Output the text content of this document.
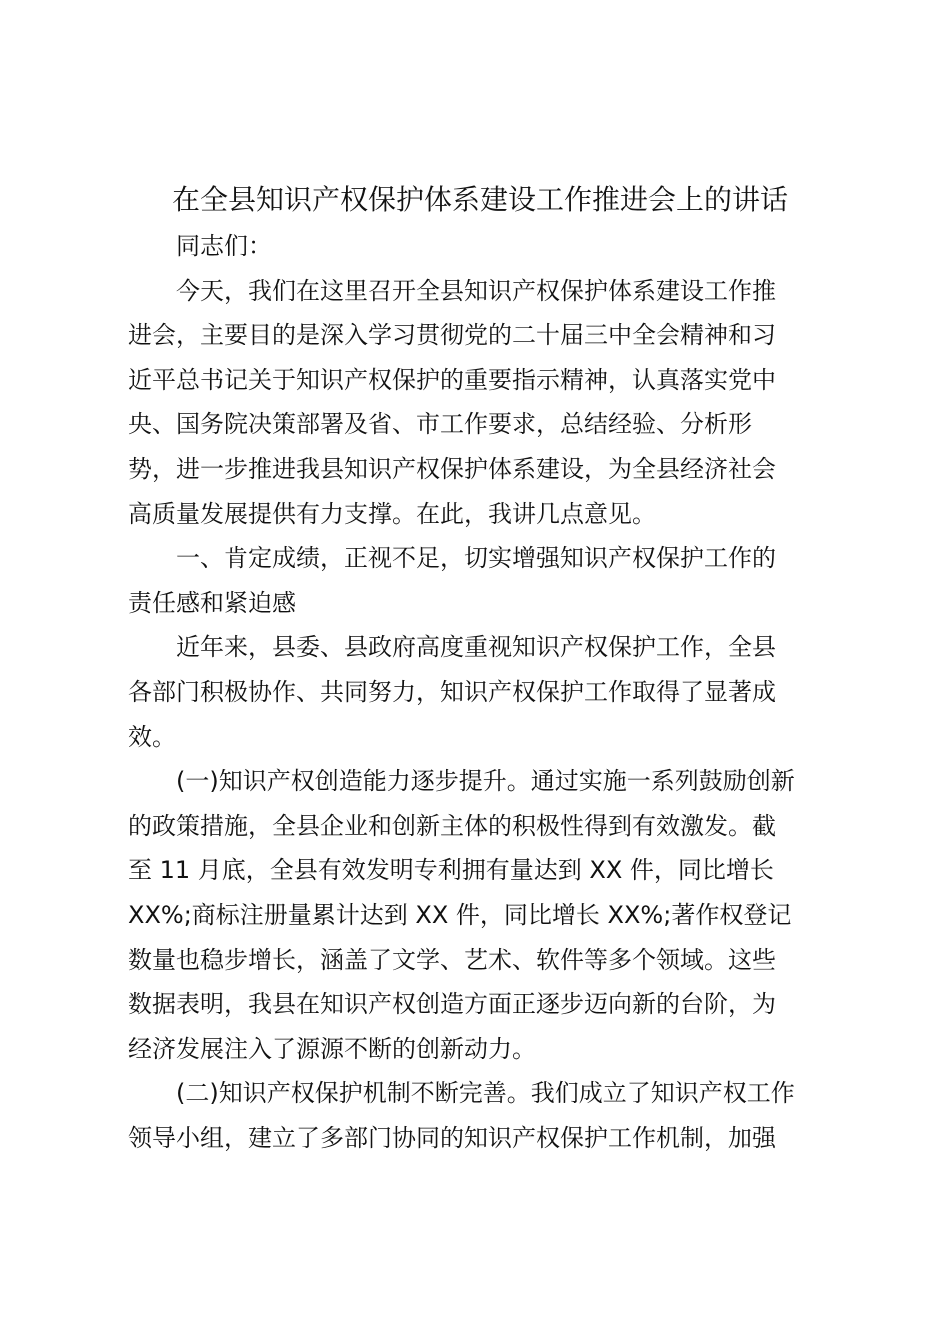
在全县知识产权保护体系建设工作推进会上的讲话
同志们：
今天，我们在这里召开全县知识产权保护体系建设工作推
进会，主要目的是深入学习贯彻党的二十届三中全会精神和习
近平总书记关于知识产权保护的重要指示精神，认真落实党中
央、国务院决策部署及省、市工作要求，总结经验、分析形
势，进一步推进我县知识产权保护体系建设，为全县经济社会
高质量发展提供有力支撑。在此，我讲几点意见。
一、肯定成绩，正视不足，切实增强知识产权保护工作的
责任感和紧迫感
近年来，县委、县政府高度重视知识产权保护工作，全县
各部门积极协作、共同努力，知识产权保护工作取得了显著成
效。
(一)知识产权创造能力逐步提升。通过实施一系列鼓励创新
的政策措施，全县企业和创新主体的积极性得到有效激发。截
至 11 月底，全县有效发明专利拥有量达到 XX 件，同比增长
XX%;商标注册量累计达到 XX 件，同比增长 XX%;著作权登记
数量也稳步增长，涵盖了文学、艺术、软件等多个领域。这些
数据表明，我县在知识产权创造方面正逐步迈向新的台阶，为
经济发展注入了源源不断的创新动力。
(二)知识产权保护机制不断完善。我们成立了知识产权工作
领导小组，建立了多部门协同的知识产权保护工作机制，加强
